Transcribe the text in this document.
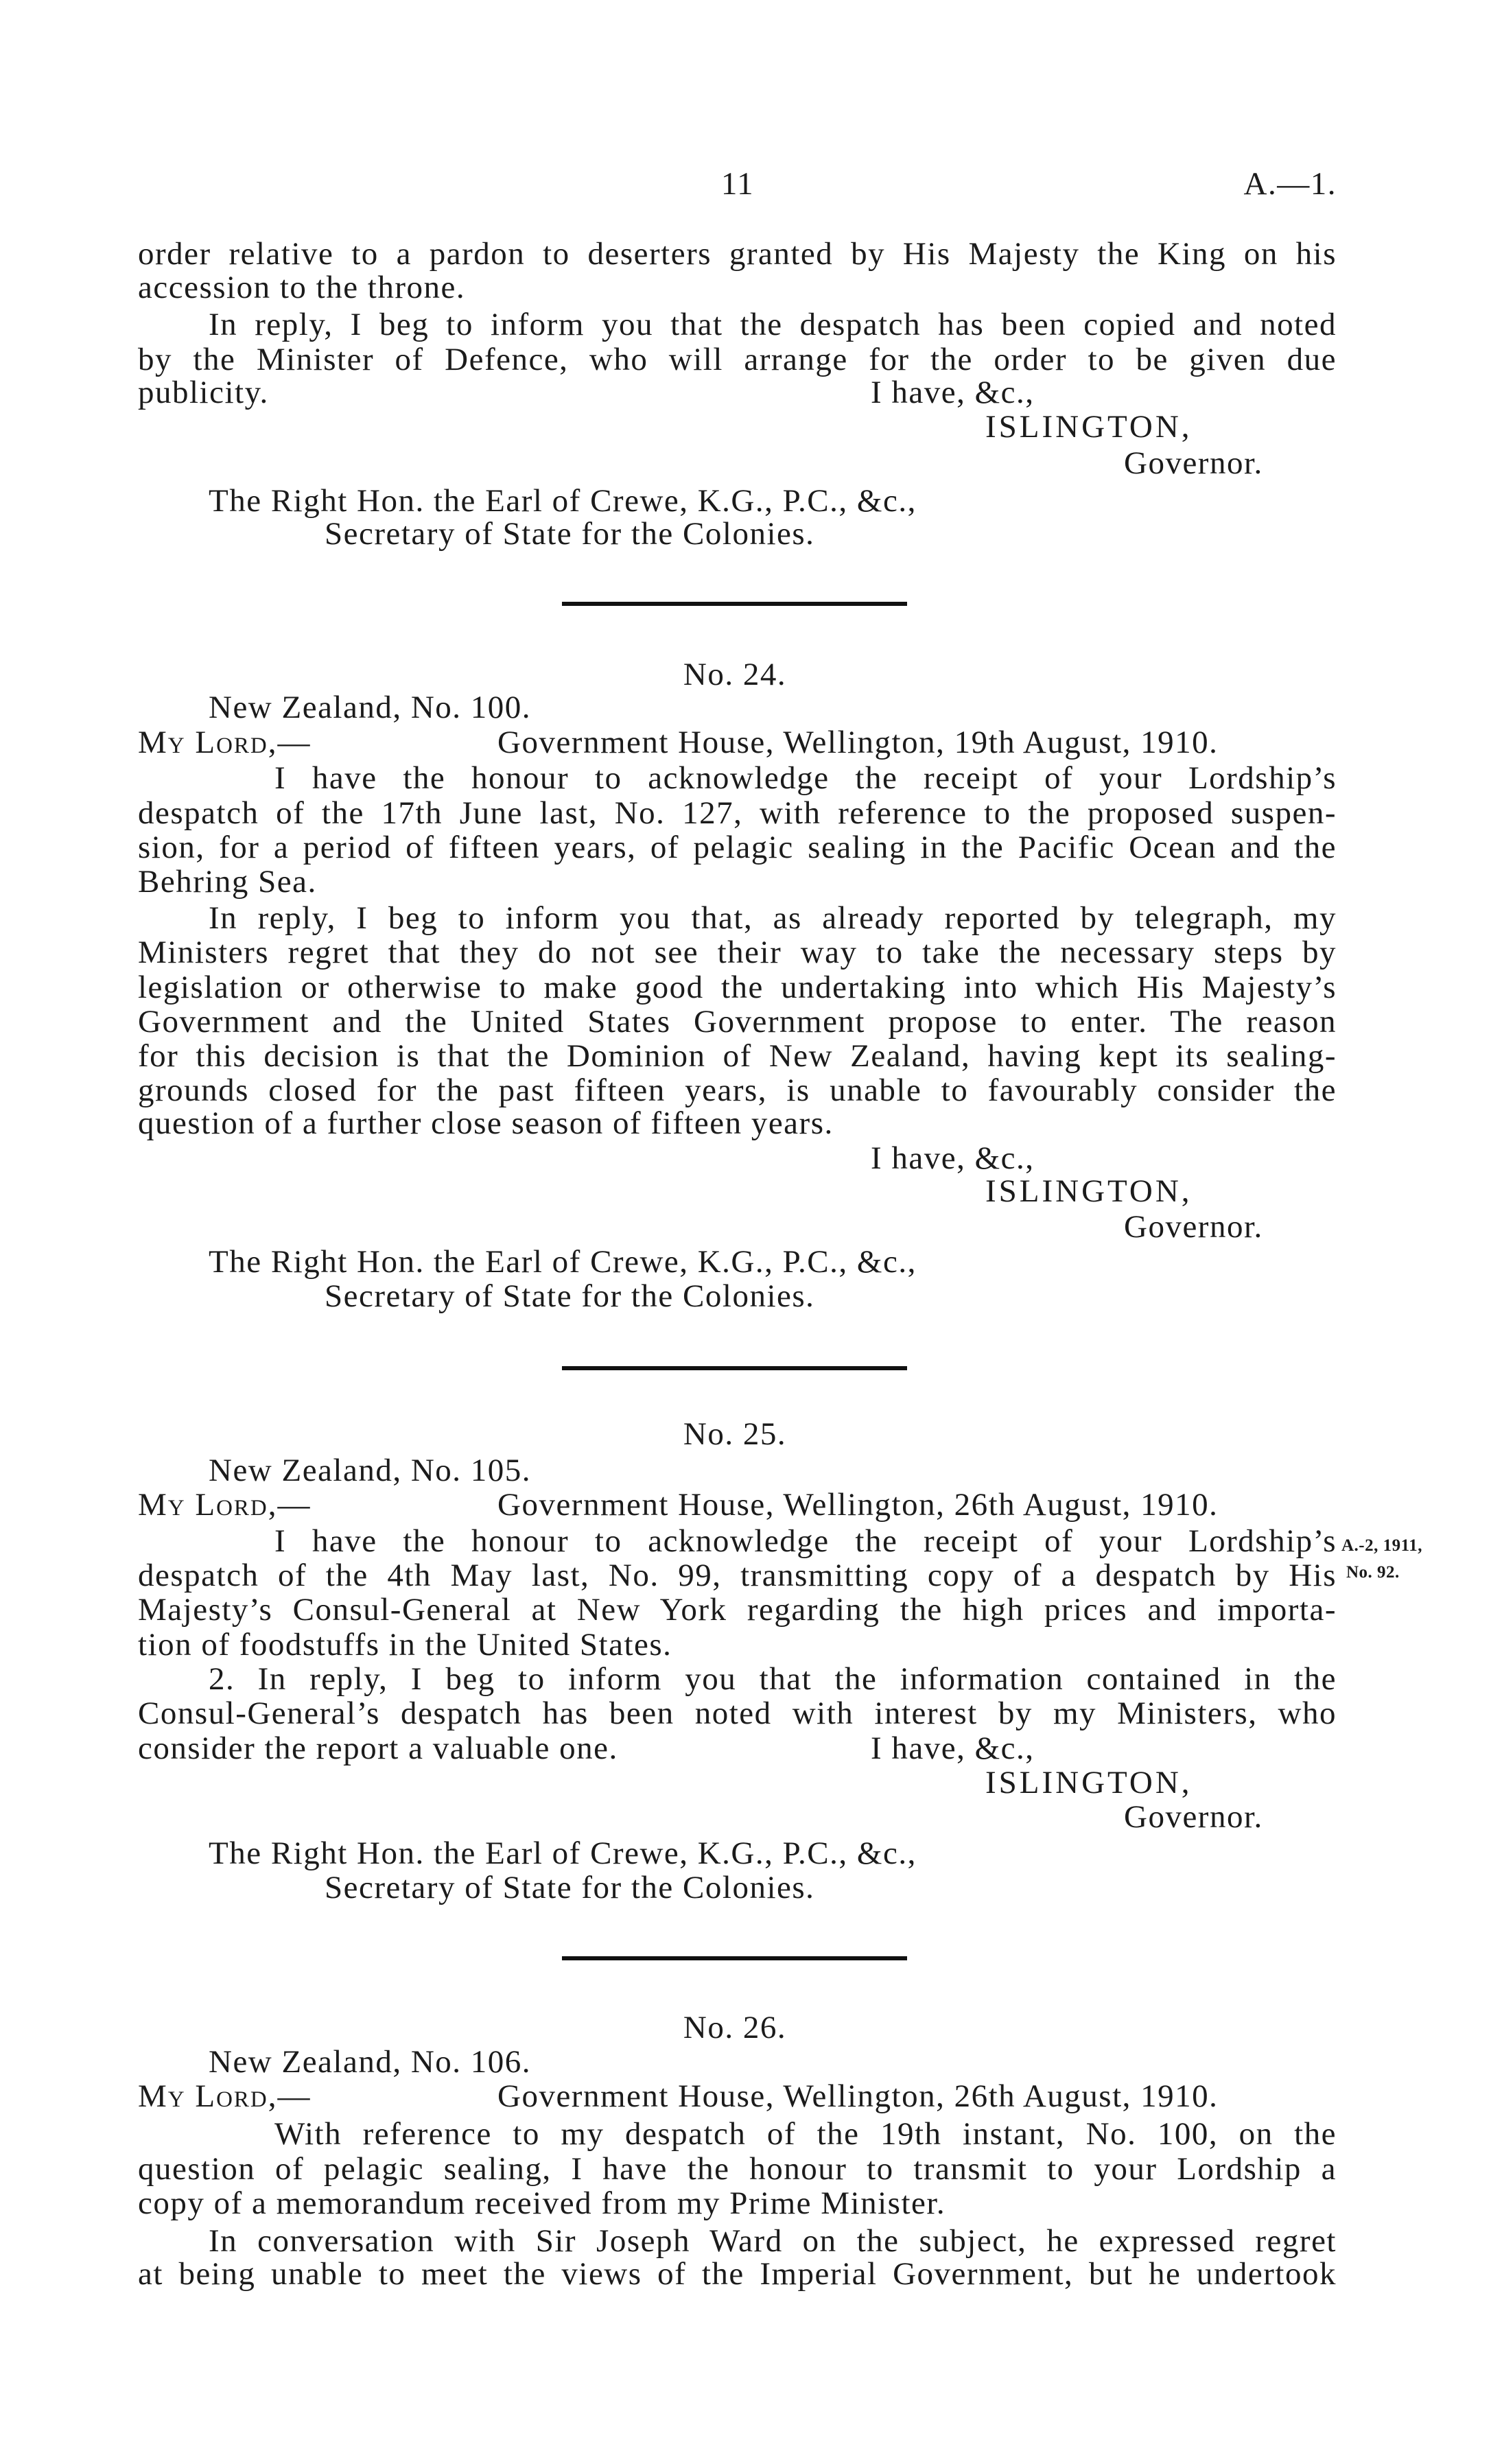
11	A.—1.
order relative to a pardon to deserters granted by His Majesty the King on his
accession to the throne.
In reply, I beg to inform you that the despatch has been copied and noted
by the Minister of Defence, who will arrange for the order to be given due
publicity.	I have, &c.,
ISLINGTON,
Governor.
The Right Hon. the Earl of Crewe, K.G., P.C., &c.,
Secretary of State for the Colonies.
No. 24.
New Zealand, No. 100.
My Lord,—	Government House, Wellington, 19th August, 1910.
I have the honour to acknowledge the receipt of your Lordship’s
despatch of the 17th June last, No. 127, with reference to the proposed suspen-
sion, for a period of fifteen years, of pelagic sealing in the Pacific Ocean and the
Behring Sea.
In reply, I beg to inform you that, as already reported by telegraph, my
Ministers regret that they do not see their way to take the necessary steps by
legislation or otherwise to make good the undertaking into which His Majesty’s
Government and the United States Government propose to enter. The reason
for this decision is that the Dominion of New Zealand, having kept its sealing-
grounds closed for the past fifteen years, is unable to favourably consider the
question of a further close season of fifteen years.
I have, &c.,
ISLINGTON,
Governor.
The Right Hon. the Earl of Crewe, K.G., P.C., &c.,
Secretary of State for the Colonies.
No. 25.
New Zealand, No. 105.
My Lord,—	Government House, Wellington, 26th August, 1910.
I have the honour to acknowledge the receipt of your Lordship’s A.-2, 1911,
despatch of the 4th May last, No. 99, transmitting copy of a despatch by His No. 92.
Majesty’s Consul-General at New York regarding the high prices and importa-
tion of foodstuffs in the United States.
2. In reply, I beg to inform you that the information contained in the
Consul-General’s despatch has been noted with interest by my Ministers, who
consider the report a valuable one.	I have, &c.,
ISLINGTON,
Governor.
The Right Hon. the Earl of Crewe, K.G., P.C., &c.,
Secretary of State for the Colonies.
No. 26.
New Zealand, No. 106.
My Lord,—	Government House, Wellington, 26th August, 1910.
With reference to my despatch of the 19th instant, No. 100, on the
question of pelagic sealing, I have the honour to transmit to your Lordship a
copy of a memorandum received from my Prime Minister.
In conversation with Sir Joseph Ward on the subject, he expressed regret
at being unable to meet the views of the Imperial Government, but he undertook
